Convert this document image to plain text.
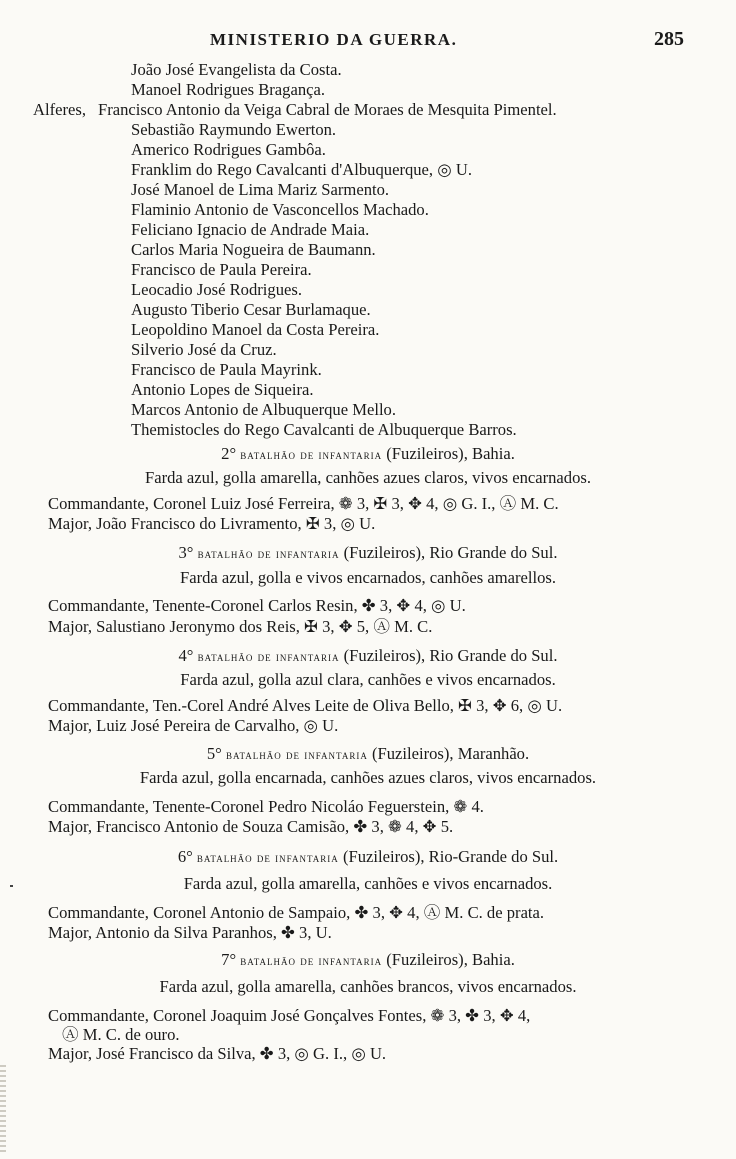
MINISTERIO DA GUERRA.	285
João José Evangelista da Costa.
Manoel Rodrigues Bragança.
Alferes, Francisco Antonio da Veiga Cabral de Moraes de Mesquita Pimentel.
Sebastião Raymundo Ewerton.
Americo Rodrigues Gambôa.
Franklim do Rego Cavalcanti d'Albuquerque, ◎ U.
José Manoel de Lima Mariz Sarmento.
Flaminio Antonio de Vasconcellos Machado.
Feliciano Ignacio de Andrade Maia.
Carlos Maria Nogueira de Baumann.
Francisco de Paula Pereira.
Leocadio José Rodrigues.
Augusto Tiberio Cesar Burlamaque.
Leopoldino Manoel da Costa Pereira.
Silverio José da Cruz.
Francisco de Paula Mayrink.
Antonio Lopes de Siqueira.
Marcos Antonio de Albuquerque Mello.
Themistocles do Rego Cavalcanti de Albuquerque Barros.
2° batalhão de infantaria (Fuzileiros), Bahia.
Farda azul, golla amarella, canhões azues claros, vivos encarnados.
Commandante, Coronel Luiz José Ferreira, ❁ 3, ✠ 3, ✥ 4, ◎ G. I., Ⓐ M. C.
Major, João Francisco do Livramento, ✠ 3, ◎ U.
3° batalhão de infantaria (Fuzileiros), Rio Grande do Sul.
Farda azul, golla e vivos encarnados, canhões amarellos.
Commandante, Tenente-Coronel Carlos Resin, ✤ 3, ✥ 4, ◎ U.
Major, Salustiano Jeronymo dos Reis, ✠ 3, ✥ 5, Ⓐ M. C.
4° batalhão de infantaria (Fuzileiros), Rio Grande do Sul.
Farda azul, golla azul clara, canhões e vivos encarnados.
Commandante, Ten.-Corel André Alves Leite de Oliva Bello, ✠ 3, ✥ 6, ◎ U.
Major, Luiz José Pereira de Carvalho, ◎ U.
5° batalhão de infantaria (Fuzileiros), Maranhão.
Farda azul, golla encarnada, canhões azues claros, vivos encarnados.
Commandante, Tenente-Coronel Pedro Nicoláo Feguerstein, ❁ 4.
Major, Francisco Antonio de Souza Camisão, ✤ 3, ❁ 4, ✥ 5.
6° batalhão de infantaria (Fuzileiros), Rio-Grande do Sul.
Farda azul, golla amarella, canhões e vivos encarnados.
Commandante, Coronel Antonio de Sampaio, ✤ 3, ✥ 4, Ⓐ M. C. de prata.
Major, Antonio da Silva Paranhos, ✤ 3, U.
7° batalhão de infantaria (Fuzileiros), Bahia.
Farda azul, golla amarella, canhões brancos, vivos encarnados.
Commandante, Coronel Joaquim José Gonçalves Fontes, ❁ 3, ✤ 3, ✥ 4,
Ⓐ M. C. de ouro.
Major, José Francisco da Silva, ✤ 3, ◎ G. I., ◎ U.
